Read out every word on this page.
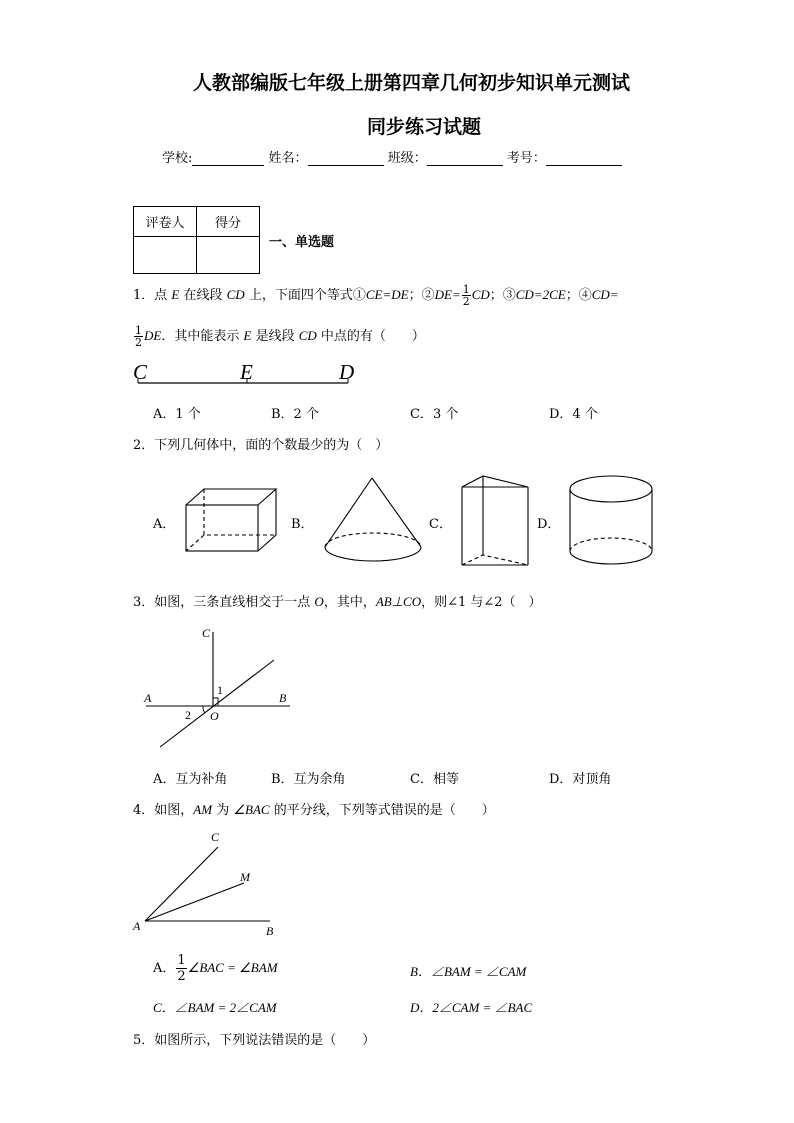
人教部编版七年级上册第四章几何初步知识单元测试
同步练习试题
学校:	姓名：	班级：	考号：
评卷人	得分

一、单选题
1．点 E 在线段 CD 上，下面四个等式①CE=DE；②DE= $\frac{1}{2}$ CD；③CD=2CE；④CD=
$\frac{1}{2}$ DE．其中能表示 E 是线段 CD 中点的有（　　）
C	E	D
A．1 个	B．2 个	C．3 个	D．4 个
2．下列几何体中，面的个数最少的为（　）
A．	B．	C．	D．
3．如图，三条直线相交于一点 O，其中，AB⊥CO，则∠1 与∠2（　）
C
A	B
O
1
2
A．互为补角	B．互为余角	C．相等	D．对顶角
4．如图，AM 为 ∠BAC 的平分线，下列等式错误的是（　　）
C
M
A	B
A． $\frac{1}{2}$ ∠BAC = ∠BAM	B．∠BAM = ∠CAM
C．∠BAM = 2∠CAM	D．2∠CAM = ∠BAC
5．如图所示，下列说法错误的是（　　）
